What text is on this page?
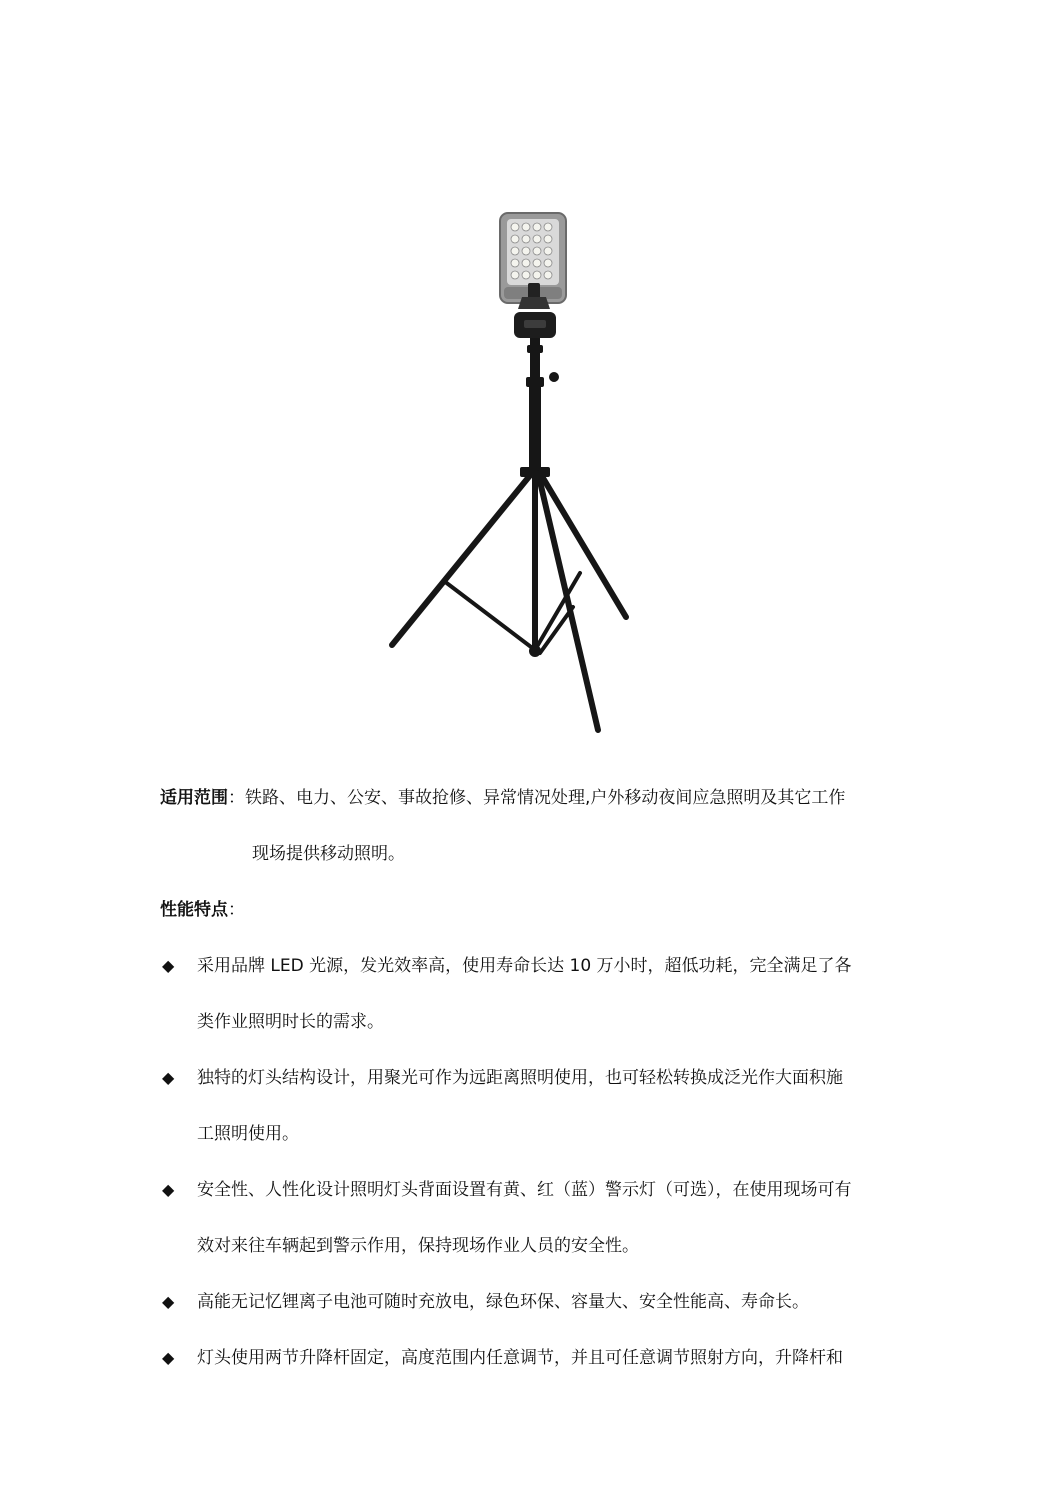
适用范围：铁路、电力、公安、事故抢修、异常情况处理,户外移动夜间应急照明及其它工作
现场提供移动照明。
性能特点：
◆ 采用品牌 LED 光源，发光效率高，使用寿命长达 10 万小时，超低功耗，完全满足了各
类作业照明时长的需求。
◆ 独特的灯头结构设计，用聚光可作为远距离照明使用，也可轻松转换成泛光作大面积施
工照明使用。
◆ 安全性、人性化设计照明灯头背面设置有黄、红（蓝）警示灯（可选），在使用现场可有
效对来往车辆起到警示作用，保持现场作业人员的安全性。
◆ 高能无记忆锂离子电池可随时充放电，绿色环保、容量大、安全性能高、寿命长。
◆ 灯头使用两节升降杆固定，高度范围内任意调节，并且可任意调节照射方向，升降杆和
